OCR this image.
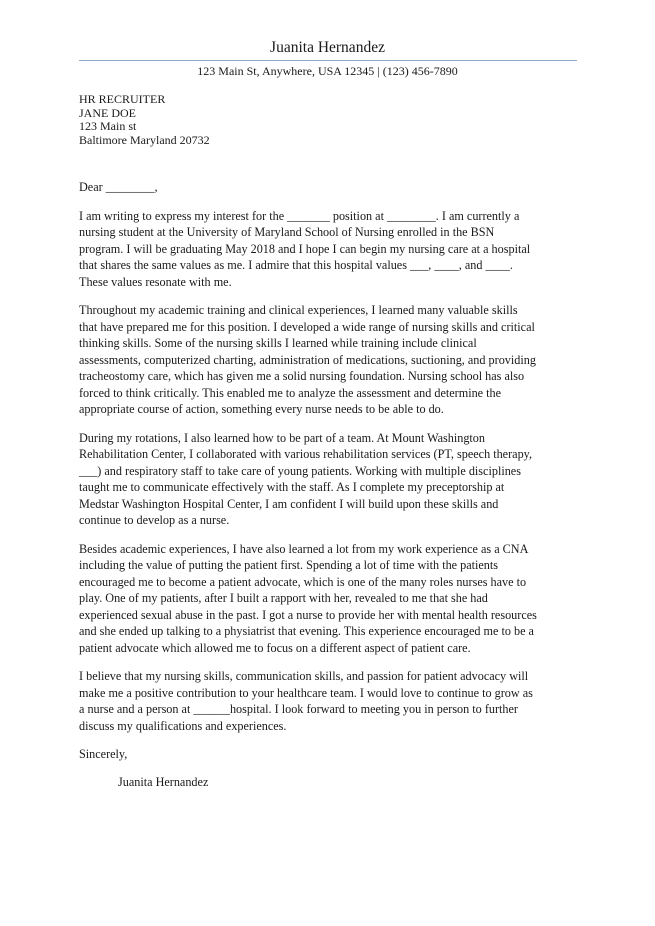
Juanita Hernandez
123 Main St, Anywhere, USA 12345 | (123) 456-7890
HR RECRUITER
JANE DOE
123 Main st
Baltimore Maryland 20732
Dear ________,
I am writing to express my interest for the _______ position at ________. I am currently a
nursing student at the University of Maryland School of Nursing enrolled in the BSN
program. I will be graduating May 2018 and I hope I can begin my nursing care at a hospital
that shares the same values as me. I admire that this hospital values ___, ____, and ____.
These values resonate with me.
Throughout my academic training and clinical experiences, I learned many valuable skills
that have prepared me for this position. I developed a wide range of nursing skills and critical
thinking skills. Some of the nursing skills I learned while training include clinical
assessments, computerized charting, administration of medications, suctioning, and providing
tracheostomy care, which has given me a solid nursing foundation. Nursing school has also
forced to think critically. This enabled me to analyze the assessment and determine the
appropriate course of action, something every nurse needs to be able to do.
During my rotations, I also learned how to be part of a team. At Mount Washington
Rehabilitation Center, I collaborated with various rehabilitation services (PT, speech therapy,
___) and respiratory staff to take care of young patients. Working with multiple disciplines
taught me to communicate effectively with the staff. As I complete my preceptorship at
Medstar Washington Hospital Center, I am confident I will build upon these skills and
continue to develop as a nurse.
Besides academic experiences, I have also learned a lot from my work experience as a CNA
including the value of putting the patient first. Spending a lot of time with the patients
encouraged me to become a patient advocate, which is one of the many roles nurses have to
play. One of my patients, after I built a rapport with her, revealed to me that she had
experienced sexual abuse in the past. I got a nurse to provide her with mental health resources
and she ended up talking to a physiatrist that evening. This experience encouraged me to be a
patient advocate which allowed me to focus on a different aspect of patient care.
I believe that my nursing skills, communication skills, and passion for patient advocacy will
make me a positive contribution to your healthcare team. I would love to continue to grow as
a nurse and a person at ______hospital. I look forward to meeting you in person to further
discuss my qualifications and experiences.
Sincerely,
Juanita Hernandez
